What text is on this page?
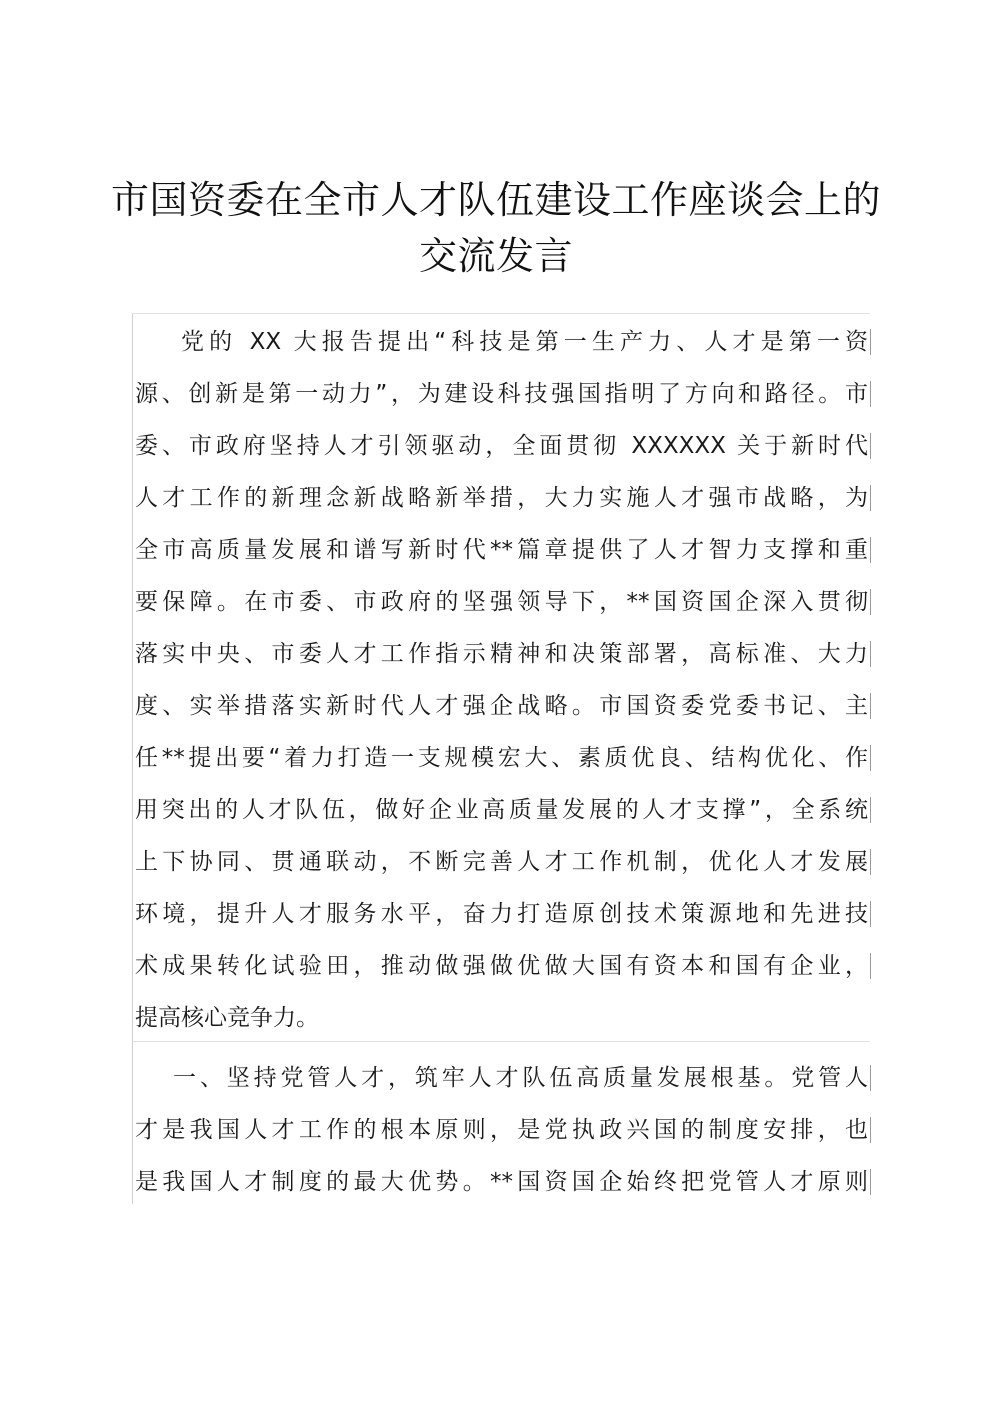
市国资委在全市人才队伍建设工作座谈会上的
交流发言
党的 XX 大报告提出“科技是第一生产力、人才是第一资
源、创新是第一动力”，为建设科技强国指明了方向和路径。市
委、市政府坚持人才引领驱动，全面贯彻 XXXXXX 关于新时代
人才工作的新理念新战略新举措，大力实施人才强市战略，为
全市高质量发展和谱写新时代**篇章提供了人才智力支撑和重
要保障。在市委、市政府的坚强领导下，**国资国企深入贯彻
落实中央、市委人才工作指示精神和决策部署，高标准、大力
度、实举措落实新时代人才强企战略。市国资委党委书记、主
任**提出要“着力打造一支规模宏大、素质优良、结构优化、作
用突出的人才队伍，做好企业高质量发展的人才支撑”，全系统
上下协同、贯通联动，不断完善人才工作机制，优化人才发展
环境，提升人才服务水平，奋力打造原创技术策源地和先进技
术成果转化试验田，推动做强做优做大国有资本和国有企业，
提高核心竞争力。
一、坚持党管人才，筑牢人才队伍高质量发展根基。党管人
才是我国人才工作的根本原则，是党执政兴国的制度安排，也
是我国人才制度的最大优势。**国资国企始终把党管人才原则
